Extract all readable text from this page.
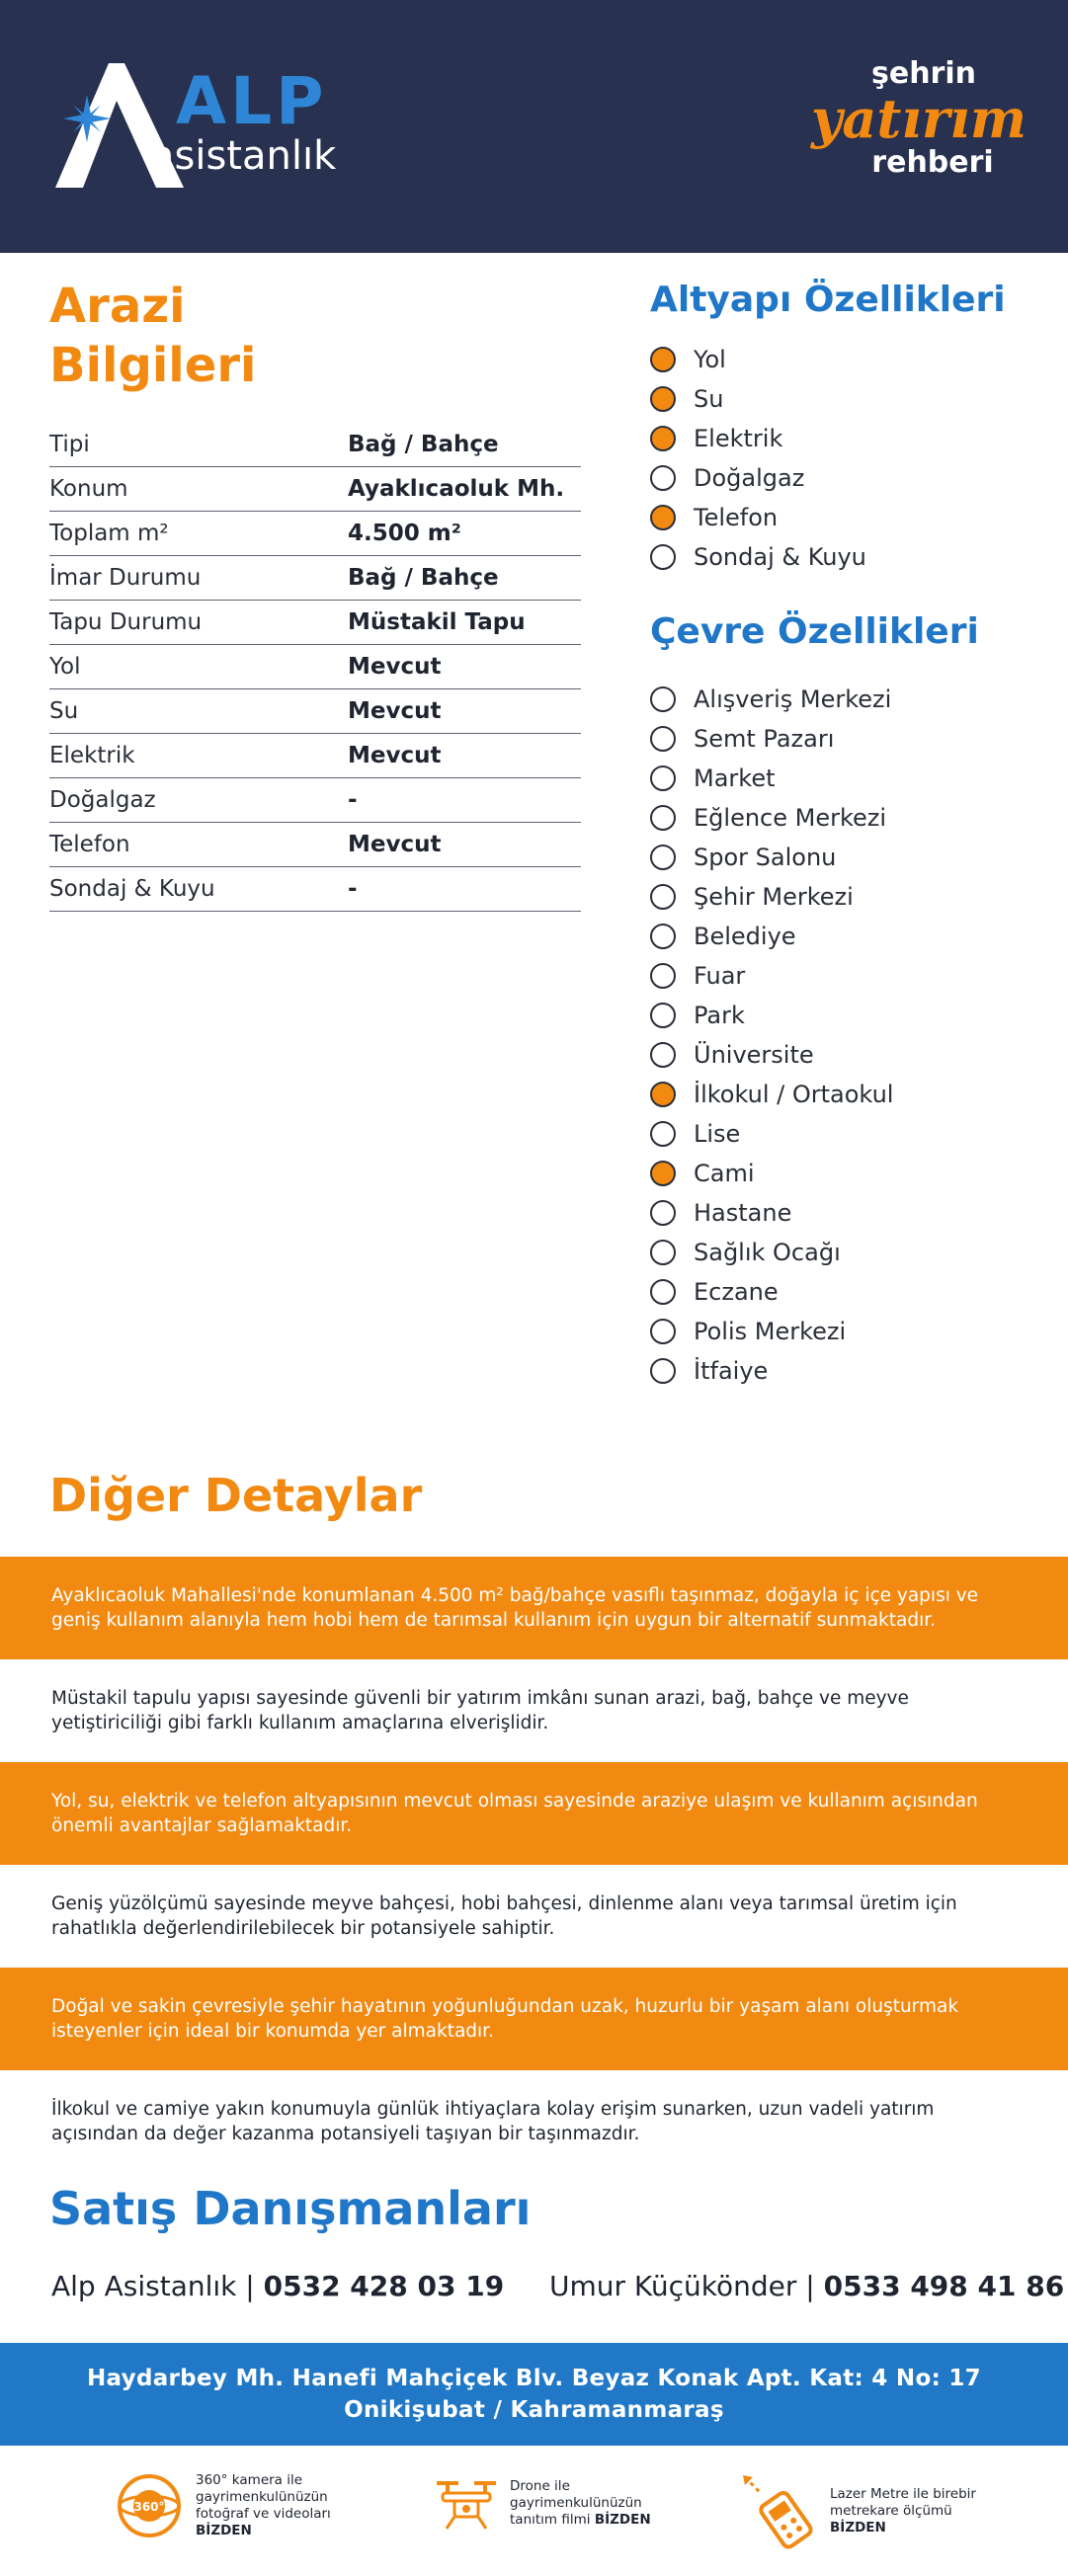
ALP
asistanlık
şehrin
yatırım
rehberi
Arazi
Bilgileri
Tipi	Bağ / Bahçe
Konum	Ayaklıcaoluk Mh.
Toplam m²	4.500 m²
İmar Durumu	Bağ / Bahçe
Tapu Durumu	Müstakil Tapu
Yol	Mevcut
Su	Mevcut
Elektrik	Mevcut
Doğalgaz	-
Telefon	Mevcut
Sondaj & Kuyu	-
Altyapı Özellikleri
Yol
Su
Elektrik
Doğalgaz
Telefon
Sondaj & Kuyu
Çevre Özellikleri
Alışveriş Merkezi
Semt Pazarı
Market
Eğlence Merkezi
Spor Salonu
Şehir Merkezi
Belediye
Fuar
Park
Üniversite
İlkokul / Ortaokul
Lise
Cami
Hastane
Sağlık Ocağı
Eczane
Polis Merkezi
İtfaiye
Diğer Detaylar
Ayaklıcaoluk Mahallesi'nde konumlanan 4.500 m² bağ/bahçe vasıflı taşınmaz, doğayla iç içe yapısı ve geniş kullanım alanıyla hem hobi hem de tarımsal kullanım için uygun bir alternatif sunmaktadır.
Müstakil tapulu yapısı sayesinde güvenli bir yatırım imkânı sunan arazi, bağ, bahçe ve meyve yetiştiriciliği gibi farklı kullanım amaçlarına elverişlidir.
Yol, su, elektrik ve telefon altyapısının mevcut olması sayesinde araziye ulaşım ve kullanım açısından önemli avantajlar sağlamaktadır.
Geniş yüzölçümü sayesinde meyve bahçesi, hobi bahçesi, dinlenme alanı veya tarımsal üretim için rahatlıkla değerlendirilebilecek bir potansiyele sahiptir.
Doğal ve sakin çevresiyle şehir hayatının yoğunluğundan uzak, huzurlu bir yaşam alanı oluşturmak isteyenler için ideal bir konumda yer almaktadır.
İlkokul ve camiye yakın konumuyla günlük ihtiyaçlara kolay erişim sunarken, uzun vadeli yatırım açısından da değer kazanma potansiyeli taşıyan bir taşınmazdır.
Satış Danışmanları
Alp Asistanlık | 0532 428 03 19 Umur Küçükönder | 0533 498 41 86
Haydarbey Mh. Hanefi Mahçiçek Blv. Beyaz Konak Apt. Kat: 4 No: 17
Onikişubat / Kahramanmaraş
360°
360° kamera ile gayrimenkulünüzün fotoğraf ve videoları
BİZDEN
Drone ile gayrimenkulünüzün tanıtım filmi BİZDEN
Lazer Metre ile birebir metrekare ölçümü BİZDEN
